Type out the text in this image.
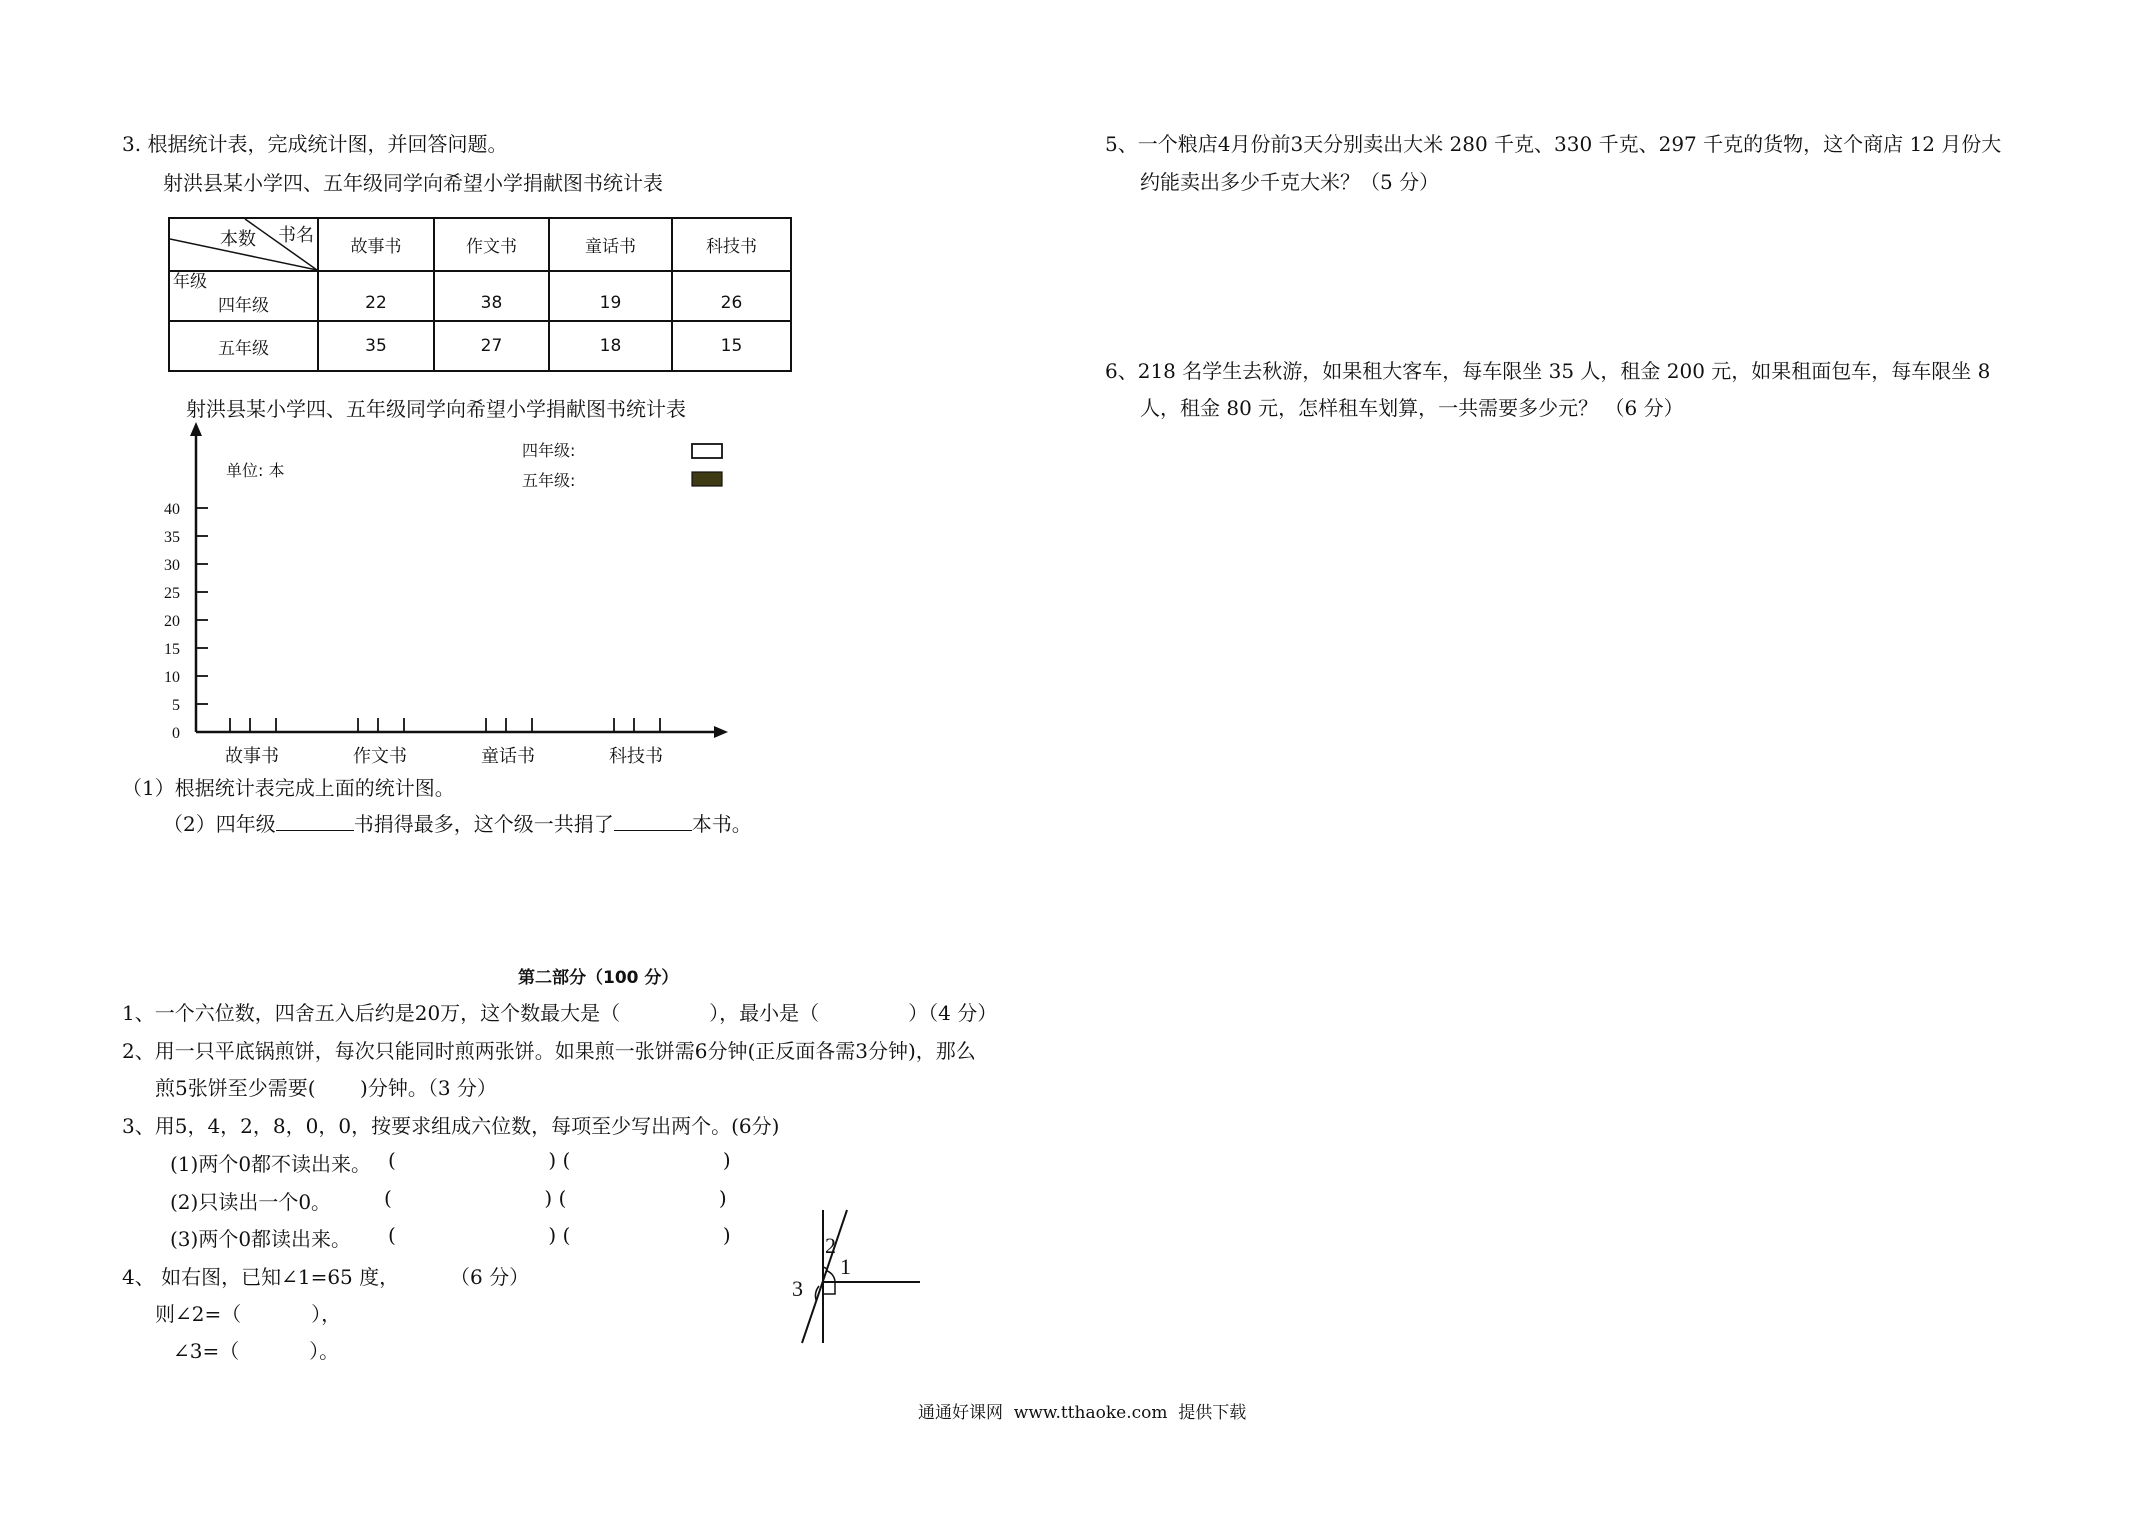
3. 根据统计表，完成统计图，并回答问题。
射洪县某小学四、五年级同学向希望小学捐献图书统计表
书名
本数
年级	故事书	作文书	童话书	科技书
四年级	22	38	19	26
五年级	35	27	18	15
射洪县某小学四、五年级同学向希望小学捐献图书统计表
0
5
10
15
20
25
30
35
40
故事书	作文书	童话书	科技书
单位: 本
四年级:
五年级:
（1）根据统计表完成上面的统计图。
（2）四年级	书捐得最多，这个级一共捐了	本书。
第二部分（100 分）
1、一个六位数，四舍五入后约是20万，这个数最大是（              ），最小是（              ）（4 分）
2、用一只平底锅煎饼，每次只能同时煎两张饼。如果煎一张饼需6分钟(正反面各需3分钟)，那么
煎5张饼至少需要(       )分钟。（3 分）
3、用5，4，2，8，0，0，按要求组成六位数，每项至少写出两个。(6分)
(1)两个0都不读出来。 (                        ) (                        )
(2)只读出一个0。	(                        ) (                        )
(3)两个0都读出来。 (                        ) (                        )
4、 如右图，已知∠1=65 度，	（6 分）
则∠2=（           ），
∠3=（           ）。
1
2
3
5、一个粮店4月份前3天分别卖出大米 280 千克、330 千克、297 千克的货物，这个商店 12 月份大
约能卖出多少千克大米？（5 分）
6、218 名学生去秋游，如果租大客车，每车限坐 35 人，租金 200 元，如果租面包车，每车限坐 8
人，租金 80 元，怎样租车划算，一共需要多少元？ （6 分）
通通好课网  www.tthaoke.com  提供下载
